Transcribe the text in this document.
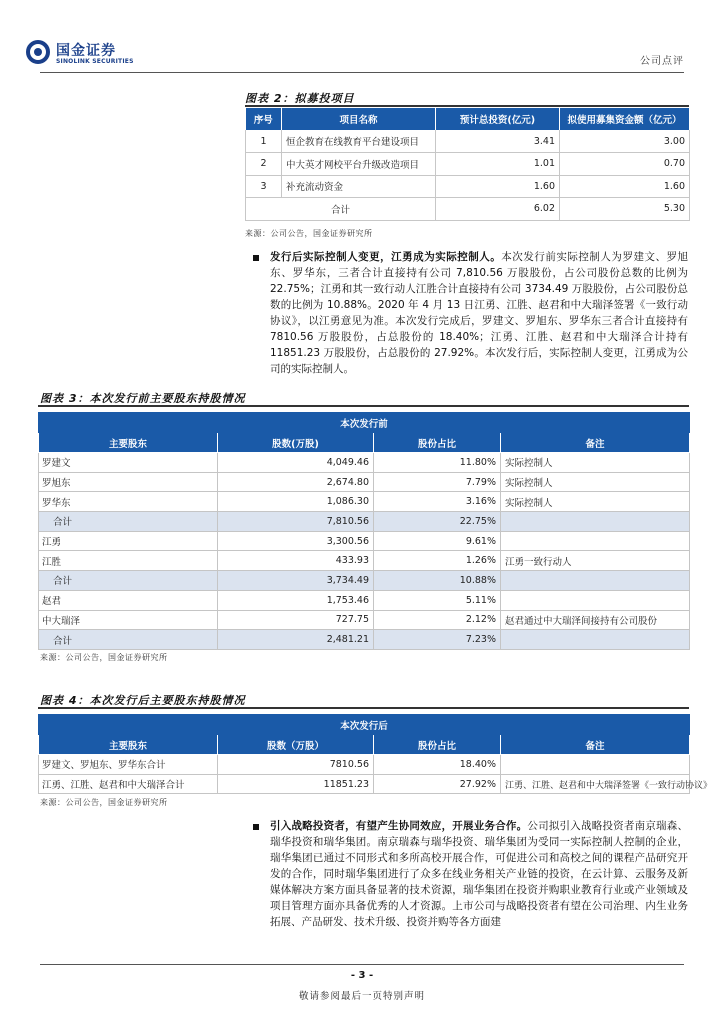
国金证券
SINOLINK SECURITIES	公司点评
图表 2：拟募投项目
序号	项目名称	预计总投资(亿元)	拟使用募集资金额（亿元）
1	恒企教育在线教育平台建设项目	3.41	3.00
2	中大英才网校平台升级改造项目	1.01	0.70
3	补充流动资金	1.60	1.60
合计		6.02	5.30
来源：公司公告，国金证券研究所
发行后实际控制人变更，江勇成为实际控制人。本次发行前实际控制人为罗建文、罗旭东、罗华东，三者合计直接持有公司 7,810.56 万股股份，占公司股份总数的比例为 22.75%；江勇和其一致行动人江胜合计直接持有公司 3734.49 万股股份，占公司股份总数的比例为 10.88%。2020 年 4 月 13 日江勇、江胜、赵君和中大瑞泽签署《一致行动协议》，以江勇意见为准。本次发行完成后，罗建文、罗旭东、罗华东三者合计直接持有 7810.56 万股股份，占总股份的 18.40%；江勇、江胜、赵君和中大瑞泽合计持有 11851.23 万股股份，占总股份的 27.92%。本次发行后，实际控制人变更，江勇成为公司的实际控制人。
图表 3：本次发行前主要股东持股情况
本次发行前			
主要股东	股数(万股)	股份占比	备注
罗建文	4,049.46	11.80%	实际控制人
罗旭东	2,674.80	7.79%	实际控制人
罗华东	1,086.30	3.16%	实际控制人
合计	7,810.56	22.75%	
江勇	3,300.56	9.61%	
江胜	433.93	1.26%	江勇一致行动人
合计	3,734.49	10.88%	
赵君	1,753.46	5.11%	
中大瑞泽	727.75	2.12%	赵君通过中大瑞泽间接持有公司股份
合计	2,481.21	7.23%	
来源：公司公告，国金证券研究所
图表 4：本次发行后主要股东持股情况
本次发行后			
主要股东	股数（万股）	股份占比	备注
罗建文、罗旭东、罗华东合计	7810.56	18.40%	
江勇、江胜、赵君和中大瑞泽合计	11851.23	27.92%	江勇、江胜、赵君和中大瑞泽签署《一致行动协议》
来源：公司公告，国金证券研究所
引入战略投资者，有望产生协同效应，开展业务合作。公司拟引入战略投资者南京瑞森、瑞华投资和瑞华集团。南京瑞森与瑞华投资、瑞华集团为受同一实际控制人控制的企业，瑞华集团已通过不同形式和多所高校开展合作，可促进公司和高校之间的课程产品研究开发的合作，同时瑞华集团进行了众多在线业务相关产业链的投资，在云计算、云服务及新媒体解决方案方面具备显著的技术资源，瑞华集团在投资并购职业教育行业或产业领域及项目管理方面亦具备优秀的人才资源。上市公司与战略投资者有望在公司治理、内生业务拓展、产品研发、技术升级、投资并购等各方面建
- 3 -
敬请参阅最后一页特别声明
